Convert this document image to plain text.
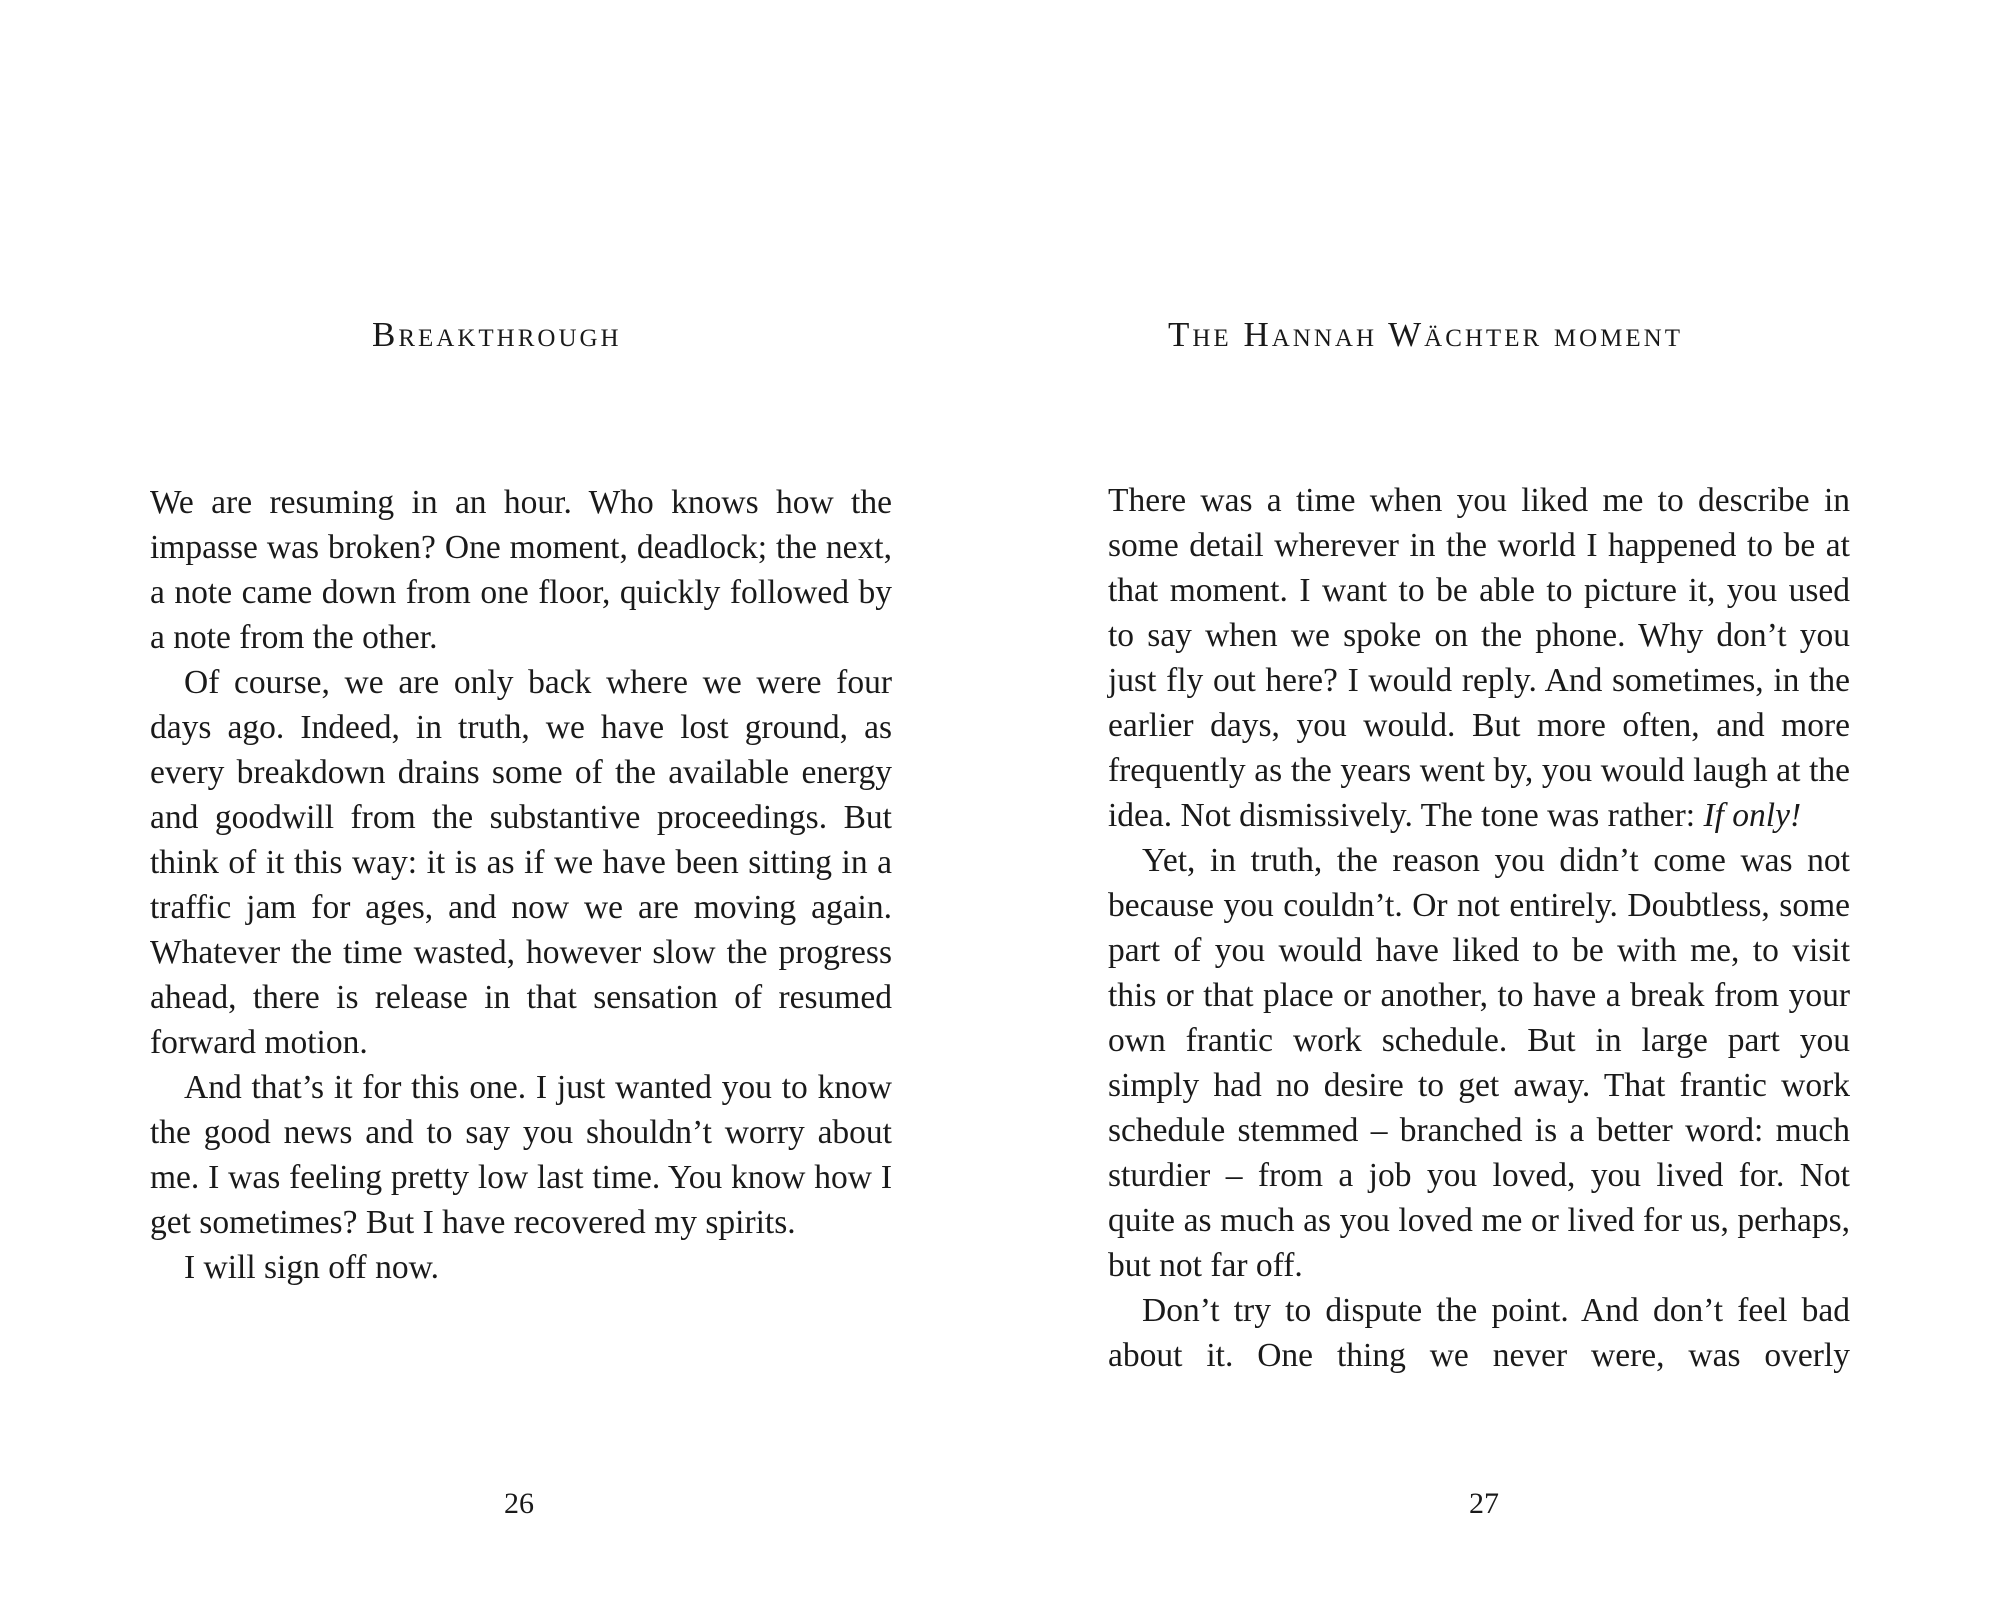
Breakthrough

We are resuming in an hour. Who knows how the impasse was broken? One moment, deadlock; the next, a note came down from one floor, quickly followed by a note from the other.

Of course, we are only back where we were four days ago. Indeed, in truth, we have lost ground, as every breakdown drains some of the available energy and goodwill from the substantive proceedings. But think of it this way: it is as if we have been sitting in a traffic jam for ages, and now we are moving again. Whatever the time wasted, however slow the progress ahead, there is release in that sensation of resumed forward motion.

And that’s it for this one. I just wanted you to know the good news and to say you shouldn’t worry about me. I was feeling pretty low last time. You know how I get sometimes? But I have recovered my spirits.

I will sign off now.

26
The Hannah Wächter moment

There was a time when you liked me to describe in some detail wherever in the world I happened to be at that moment. I want to be able to picture it, you used to say when we spoke on the phone. Why don’t you just fly out here? I would reply. And sometimes, in the earlier days, you would. But more often, and more frequently as the years went by, you would laugh at the idea. Not dismissively. The tone was rather: If only!

Yet, in truth, the reason you didn’t come was not because you couldn’t. Or not entirely. Doubtless, some part of you would have liked to be with me, to visit this or that place or another, to have a break from your own frantic work schedule. But in large part you simply had no desire to get away. That frantic work schedule stemmed – branched is a better word: much sturdier – from a job you loved, you lived for. Not quite as much as you loved me or lived for us, perhaps, but not far off.

Don’t try to dispute the point. And don’t feel bad about it. One thing we never were, was overly

27
